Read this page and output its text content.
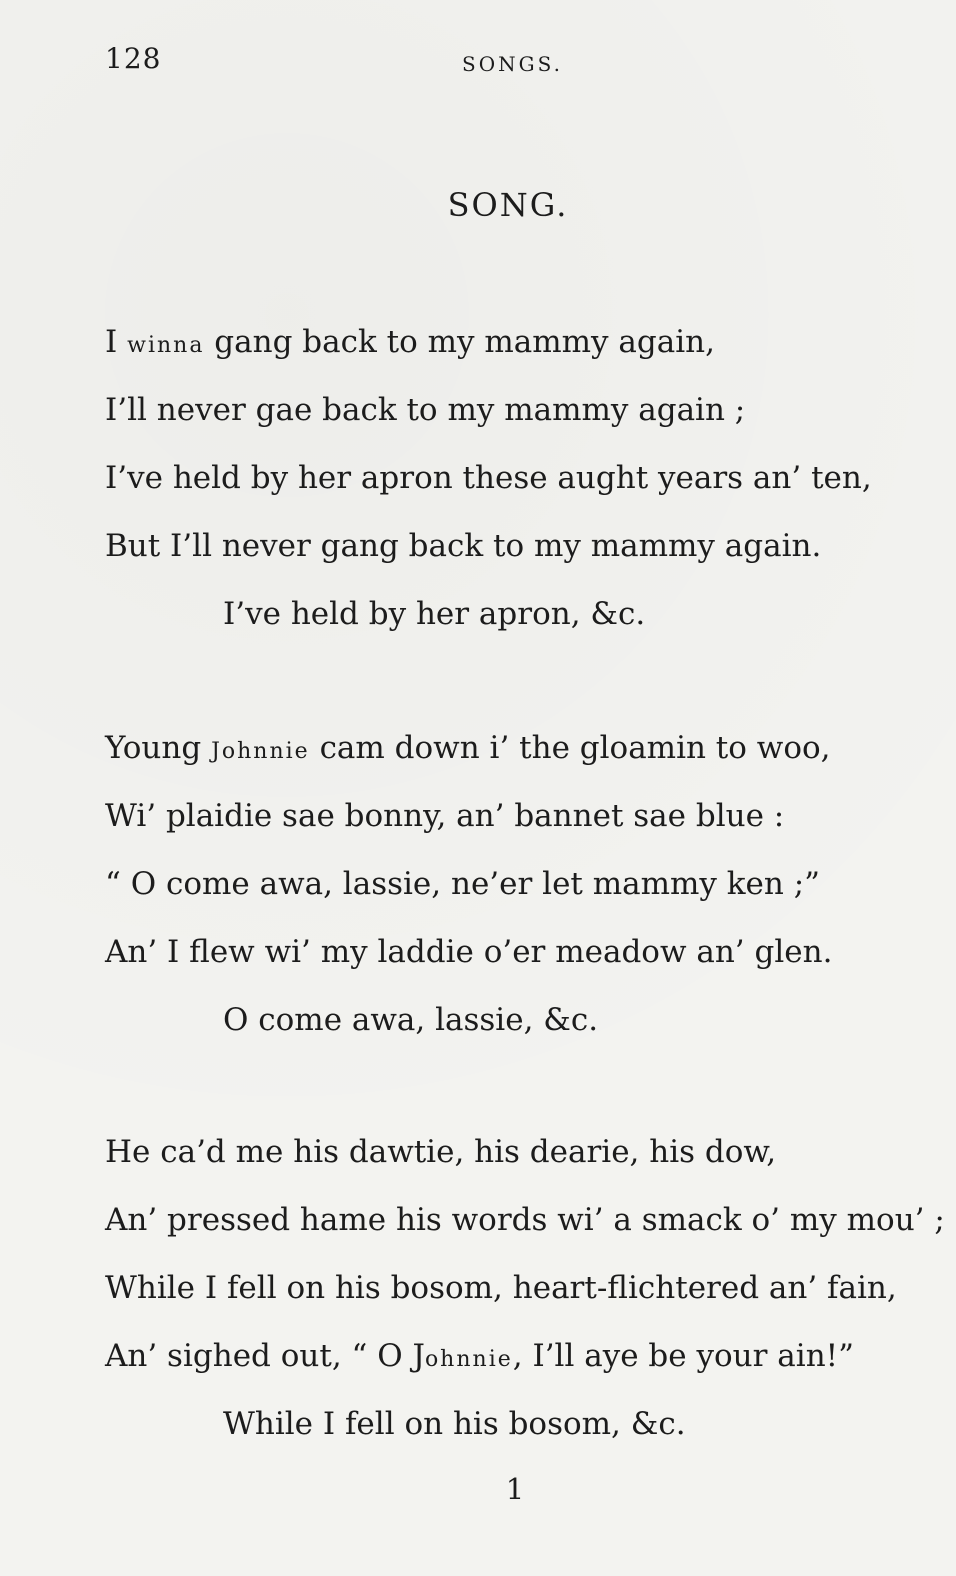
128	SONGS.
SONG.
I winna gang back to my mammy again,
I’ll never gae back to my mammy again ;
I’ve held by her apron these aught years an’ ten,
But I’ll never gang back to my mammy again.
I’ve held by her apron, &c.
Young Johnnie cam down i’ the gloamin to woo,
Wi’ plaidie sae bonny, an’ bannet sae blue :
“ O come awa, lassie, ne’er let mammy ken ;”
An’ I flew wi’ my laddie o’er meadow an’ glen.
O come awa, lassie, &c.
He ca’d me his dawtie, his dearie, his dow,
An’ pressed hame his words wi’ a smack o’ my mou’ ;
While I fell on his bosom, heart-flichtered an’ fain,
An’ sighed out, “ O Johnnie, I’ll aye be your ain!”
While I fell on his bosom, &c.
1
